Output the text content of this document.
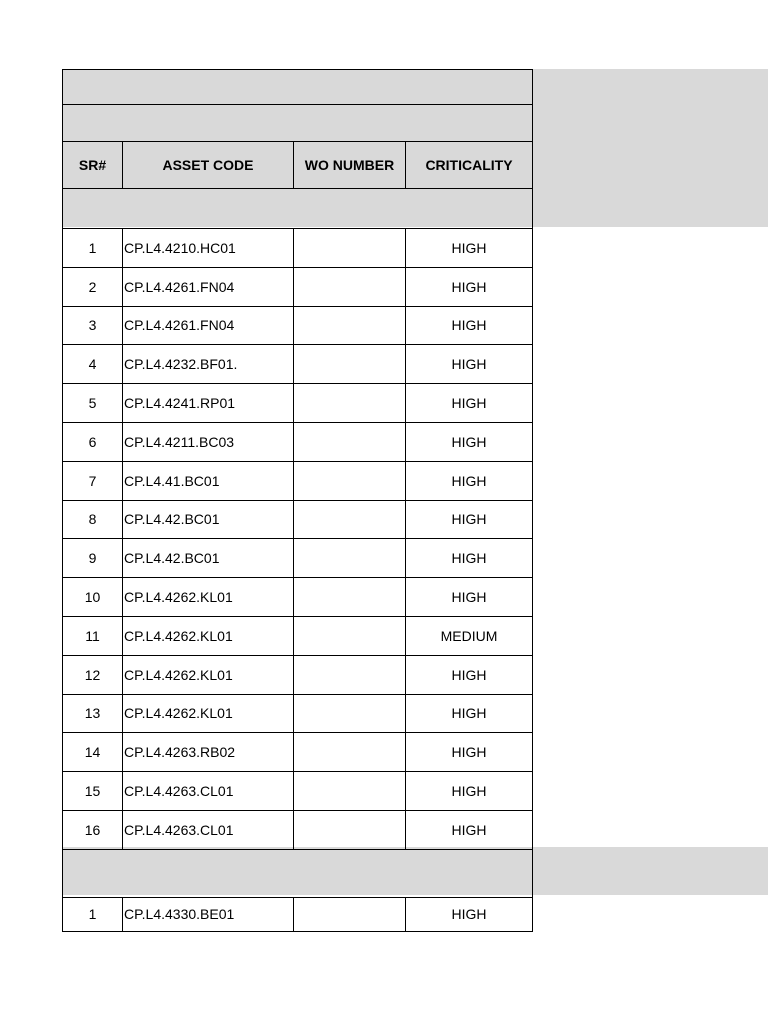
SR#	ASSET CODE	WO NUMBER	CRITICALITY

1	CP.L4.4210.HC01		HIGH
2	CP.L4.4261.FN04		HIGH
3	CP.L4.4261.FN04		HIGH
4	CP.L4.4232.BF01.		HIGH
5	CP.L4.4241.RP01		HIGH
6	CP.L4.4211.BC03		HIGH
7	CP.L4.41.BC01		HIGH
8	CP.L4.42.BC01		HIGH
9	CP.L4.42.BC01		HIGH
10	CP.L4.4262.KL01		HIGH
11	CP.L4.4262.KL01		MEDIUM
12	CP.L4.4262.KL01		HIGH
13	CP.L4.4262.KL01		HIGH
14	CP.L4.4263.RB02		HIGH
15	CP.L4.4263.CL01		HIGH
16	CP.L4.4263.CL01		HIGH

1	CP.L4.4330.BE01		HIGH
